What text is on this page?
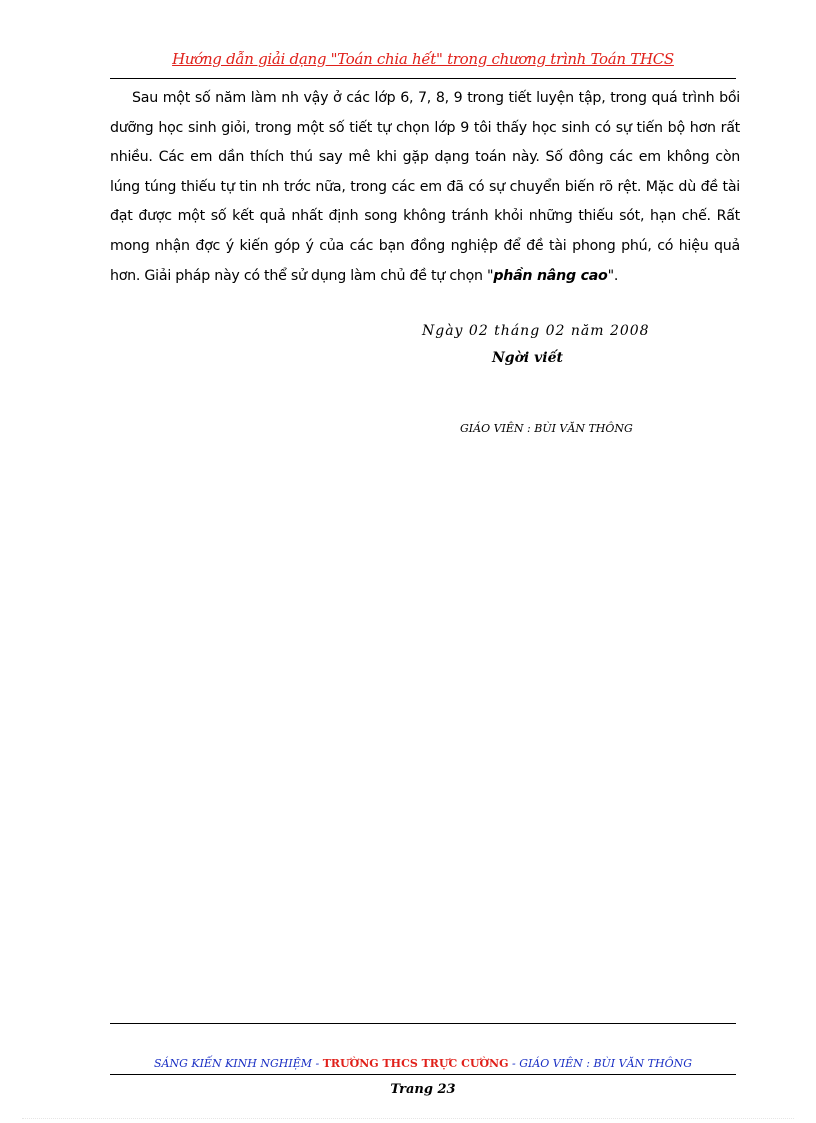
Hướng dẫn giải dạng "Toán chia hết" trong chương trình Toán THCS

Sau một số năm làm nh vậy ở các lớp 6, 7, 8, 9 trong tiết luyện tập, trong quá trình bồi dưỡng học sinh giỏi, trong một số tiết tự chọn lớp 9 tôi thấy học sinh có sự tiến bộ hơn rất nhiều. Các em dần thích thú say mê khi gặp dạng toán này. Số đông các em không còn lúng túng thiếu tự tin nh trớc nữa, trong các em đã có sự chuyển biến rõ rệt. Mặc dù đề tài đạt được một số kết quả nhất định song không tránh khỏi những thiếu sót, hạn chế. Rất mong nhận đợc ý kiến góp ý của các bạn đồng nghiệp để đề tài phong phú, có hiệu quả hơn. Giải pháp này có thể sử dụng làm chủ đề tự chọn "phần nâng cao".

Ngày 02 tháng 02 năm 2008
Ngời viết
GIÁO VIÊN : BÙI VĂN THÔNG
SÁNG KIẾN KINH NGHIỆM - TRƯỜNG THCS TRỰC CƯỜNG - GIÁO VIÊN : BÙI VĂN THÔNG
Trang 23
